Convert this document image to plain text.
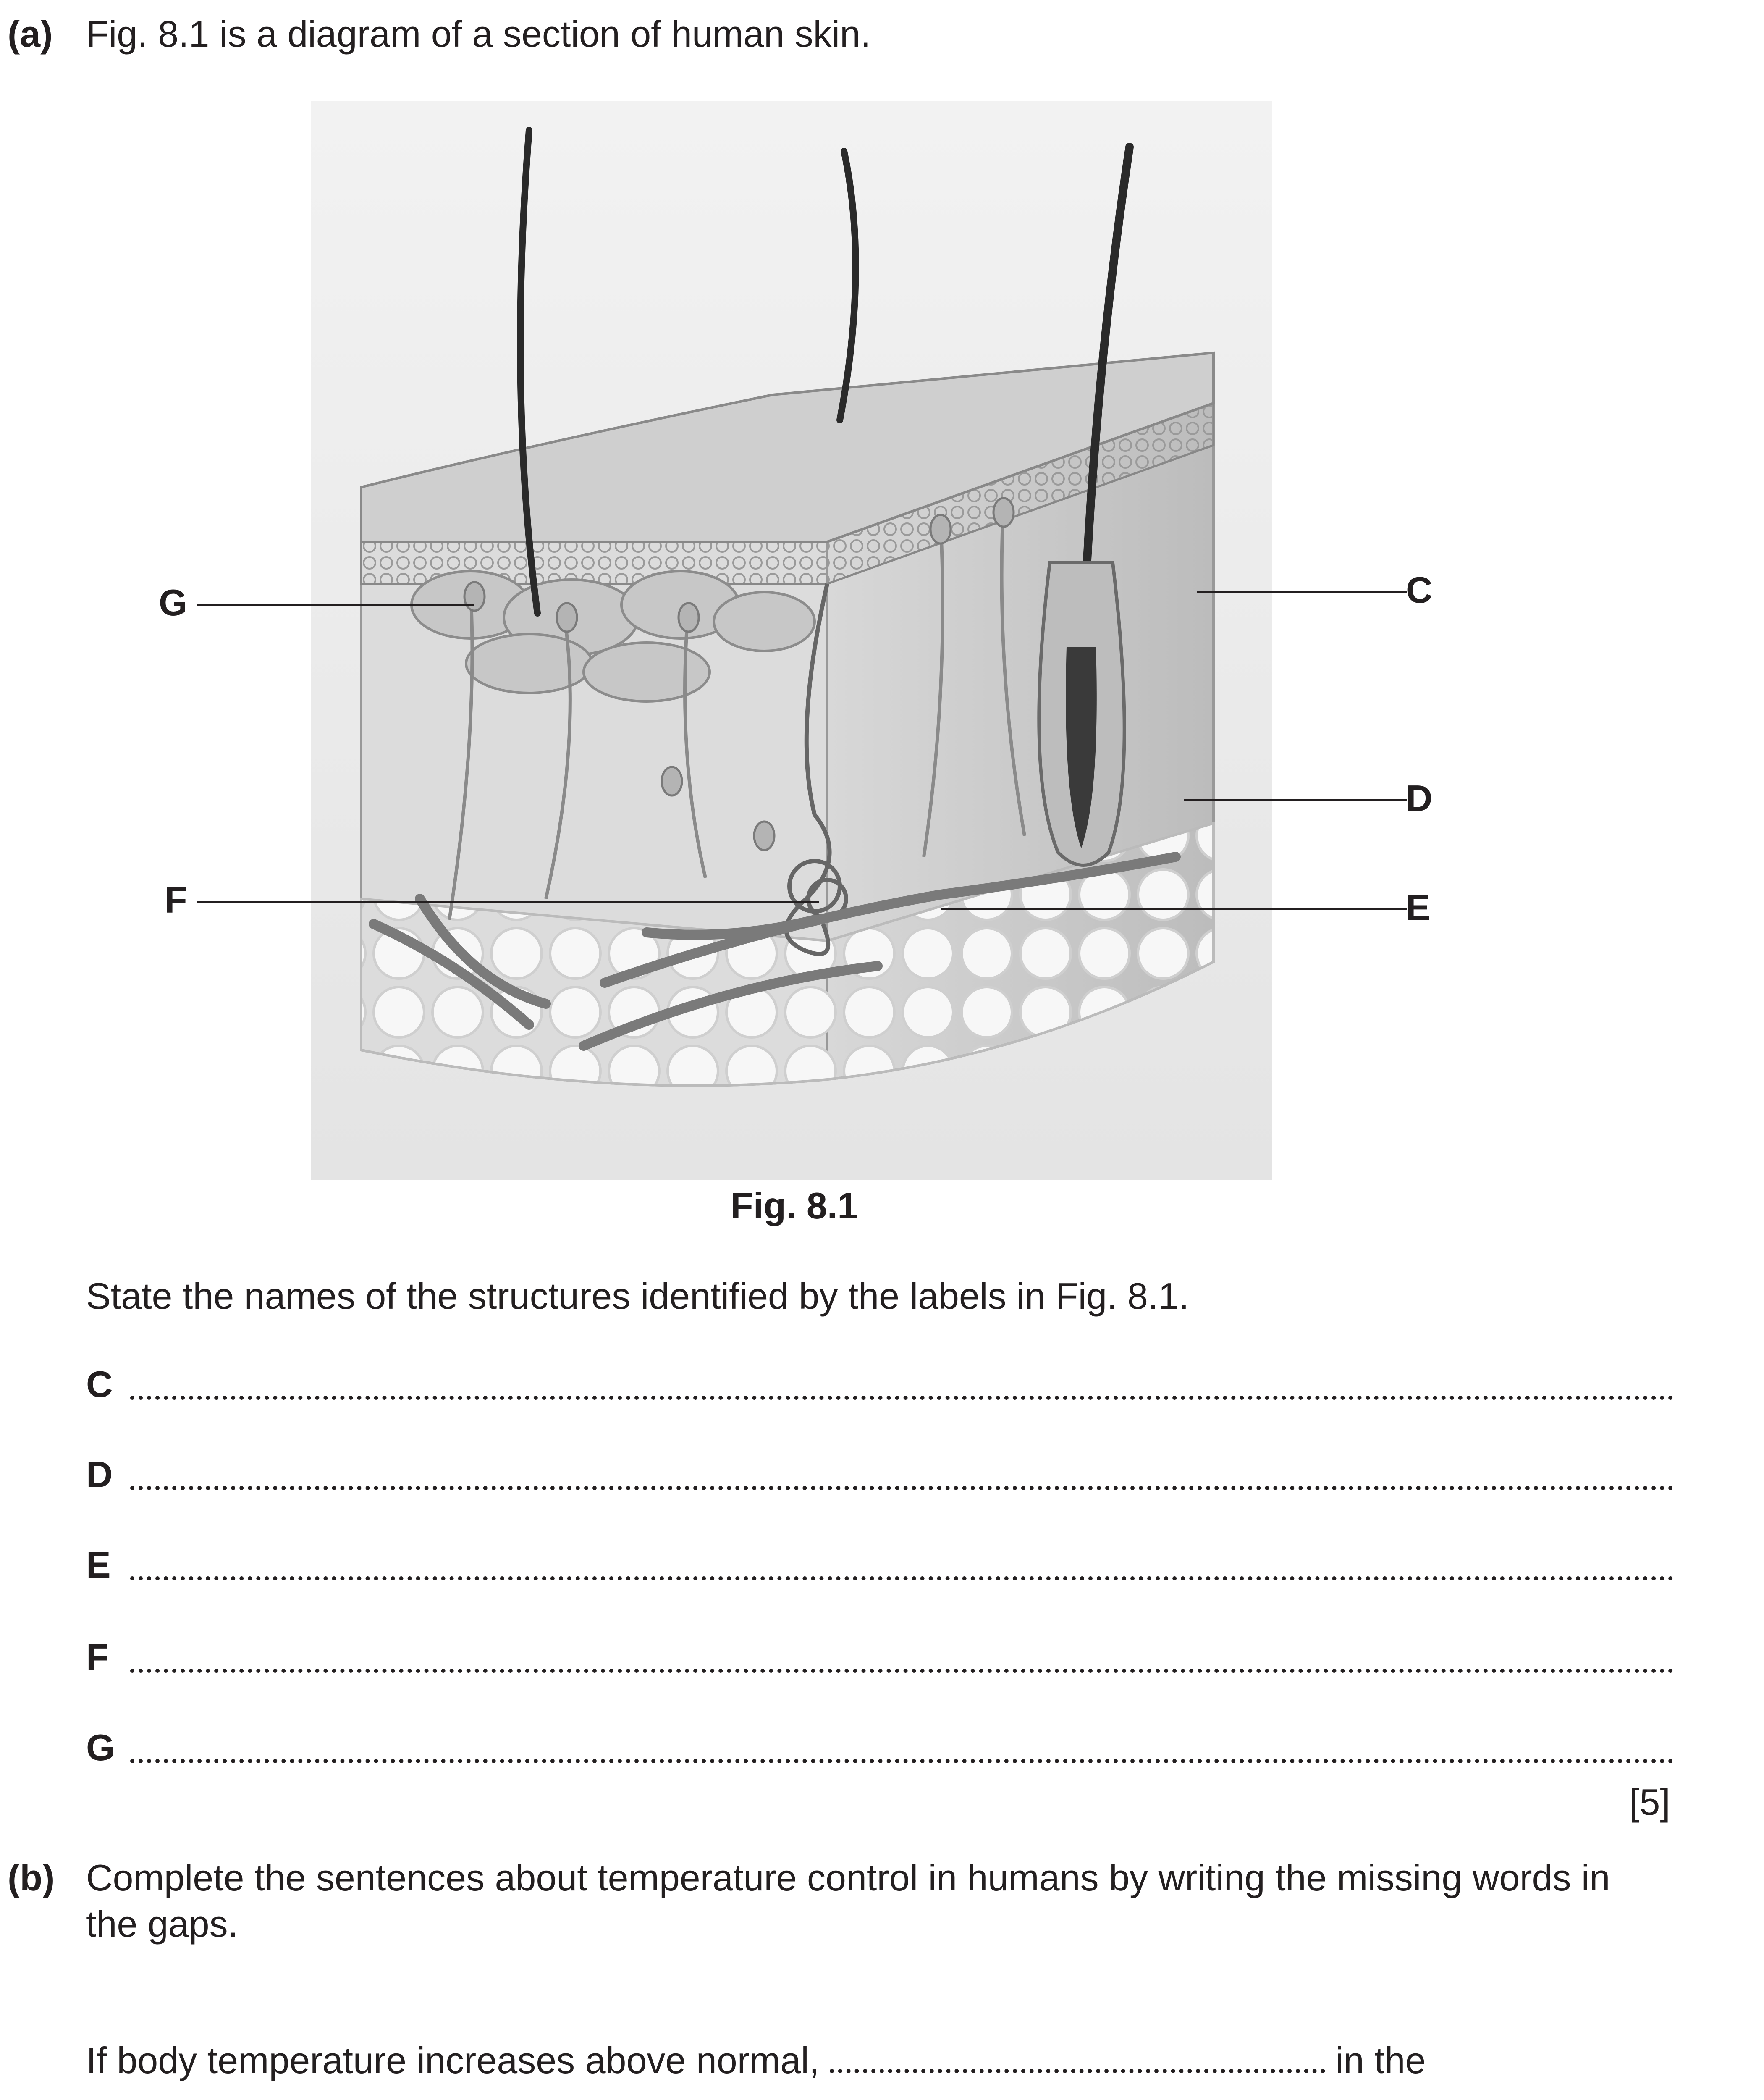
(a) Fig. 8.1 is a diagram of a section of human skin.
G
F
C
D
E
Fig. 8.1
State the names of the structures identified by the labels in Fig. 8.1.
C
D
E
F
G
[5]
(b) Complete the sentences about temperature control in humans by writing the missing words in
the gaps.
If body temperature increases above normal,	in the
